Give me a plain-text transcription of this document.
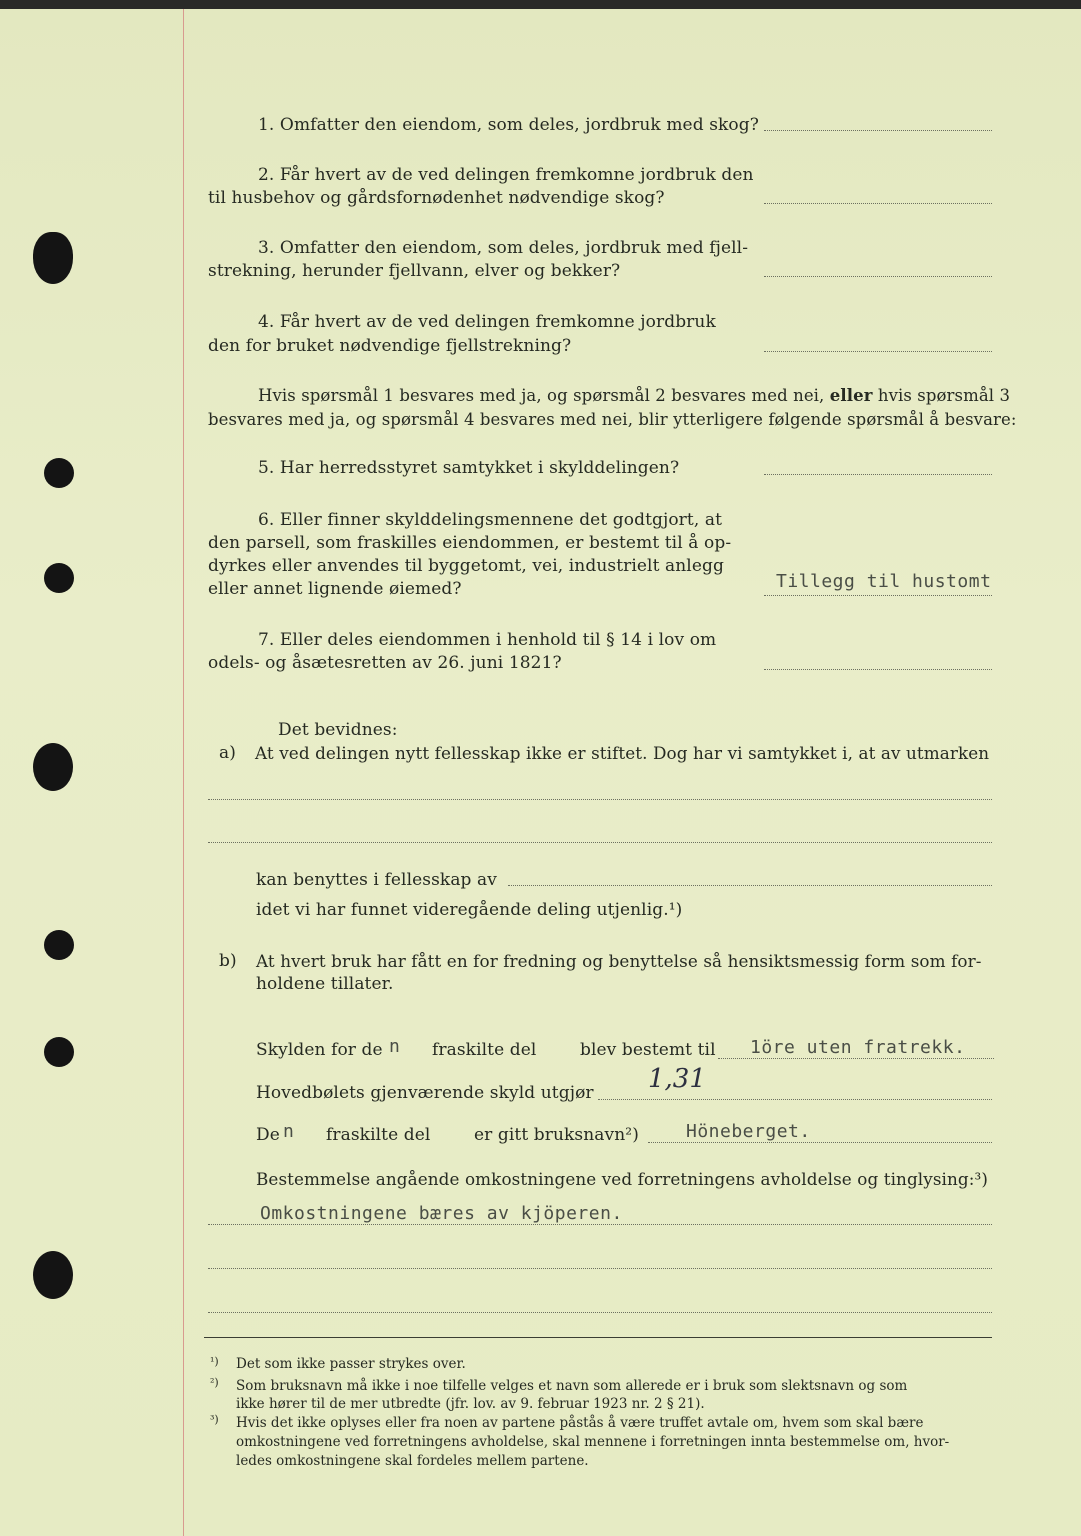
1. Omfatter den eiendom, som deles, jordbruk med skog?
2. Får hvert av de ved delingen fremkomne jordbruk den
til husbehov og gårdsfornødenhet nødvendige skog?
3. Omfatter den eiendom, som deles, jordbruk med fjell-
strekning, herunder fjellvann, elver og bekker?
4. Får hvert av de ved delingen fremkomne jordbruk
den for bruket nødvendige fjellstrekning?
Hvis spørsmål 1 besvares med ja, og spørsmål 2 besvares med nei, eller hvis spørsmål 3
besvares med ja, og spørsmål 4 besvares med nei, blir ytterligere følgende spørsmål å besvare:
5. Har herredsstyret samtykket i skylddelingen?
6. Eller finner skylddelingsmennene det godtgjort, at
den parsell, som fraskilles eiendommen, er bestemt til å op-
dyrkes eller anvendes til byggetomt, vei, industrielt anlegg
eller annet lignende øiemed?	Tillegg til hustomt
7. Eller deles eiendommen i henhold til § 14 i lov om
odels- og åsætesretten av 26. juni 1821?
Det bevidnes:
a) At ved delingen nytt fellesskap ikke er stiftet. Dog har vi samtykket i, at av utmarken
kan benyttes i fellesskap av
idet vi har funnet videregående deling utjenlig.¹)
b) At hvert bruk har fått en for fredning og benyttelse så hensiktsmessig form som for-
holdene tillater.
Skylden for de n fraskilte del	blev bestemt til 1öre uten fratrekk.
Hovedbølets gjenværende skyld utgjør 1,31
De n fraskilte del	er gitt bruksnavn²)	Höneberget.
Bestemmelse angående omkostningene ved forretningens avholdelse og tinglysing:³)
Omkostningene bæres av kjöperen.
¹) Det som ikke passer strykes over.
²) Som bruksnavn må ikke i noe tilfelle velges et navn som allerede er i bruk som slektsnavn og som
ikke hører til de mer utbredte (jfr. lov. av 9. februar 1923 nr. 2 § 21).
³) Hvis det ikke oplyses eller fra noen av partene påstås å være truffet avtale om, hvem som skal bære
omkostningene ved forretningens avholdelse, skal mennene i forretningen innta bestemmelse om, hvor-
ledes omkostningene skal fordeles mellem partene.
